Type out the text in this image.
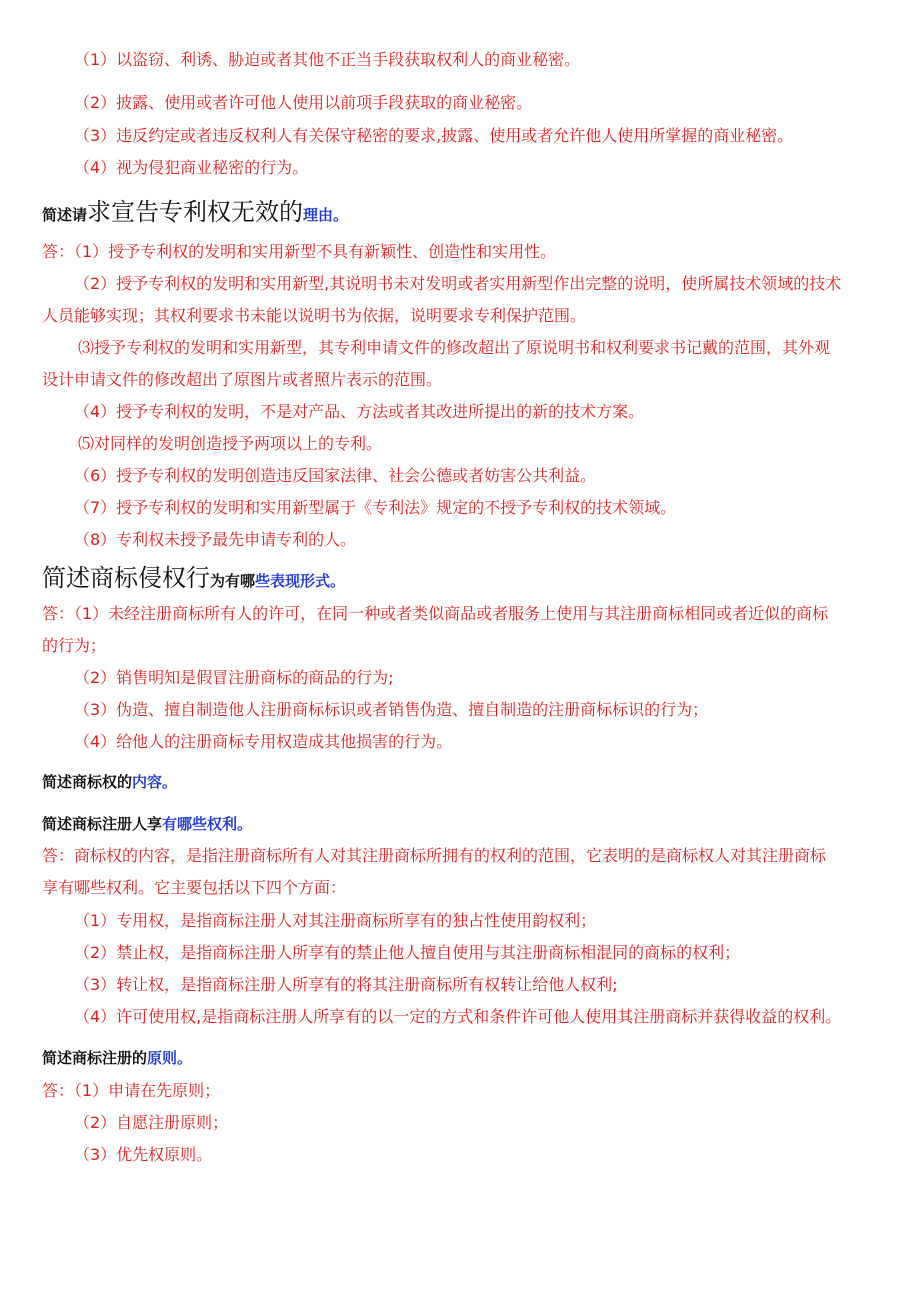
（1）以盗窃、利诱、胁迫或者其他不正当手段获取权利人的商业秘密。
（2）披露、使用或者许可他人使用以前项手段获取的商业秘密。
（3）违反约定或者违反权利人有关保守秘密的要求,披露、使用或者允许他人使用所掌握的商业秘密。
（4）视为侵犯商业秘密的行为。
简述请求宣告专利权无效的理由。
答：（1）授予专利权的发明和实用新型不具有新颖性、创造性和实用性。
（2）授予专利权的发明和实用新型,其说明书未对发明或者实用新型作出完整的说明，使所属技术领域的技术
人员能够实现；其权利要求书未能以说明书为依据，说明要求专利保护范围。
⑶授予专利权的发明和实用新型，其专利申请文件的修改超出了原说明书和权利要求书记戴的范围，其外观
设计申请文件的修改超出了原图片或者照片表示的范围。
（4）授予专利权的发明，不是对产品、方法或者其改进所提出的新的技术方案。
⑸对同样的发明创造授予两项以上的专利。
（6）授予专利权的发明创造违反国家法律、社会公德或者妨害公共利益。
（7）授予专利权的发明和实用新型属于《专利法》规定的不授予专利权的技术领域。
（8）专利权未授予最先申请专利的人。
简述商标侵权行为有哪些表现形式。
答：（1）未经注册商标所有人的许可，在同一种或者类似商品或者服务上使用与其注册商标相同或者近似的商标
的行为；
（2）销售明知是假冒注册商标的商品的行为;
（3）伪造、擅自制造他人注册商标标识或者销售伪造、擅自制造的注册商标标识的行为；
（4）给他人的注册商标专用权造成其他损害的行为。
简述商标权的内容。
简述商标注册人享有哪些权利。
答：商标权的内容，是指注册商标所有人对其注册商标所拥有的权利的范围，它表明的是商标权人对其注册商标
享有哪些权利。它主要包括以下四个方面：
（1）专用权，是指商标注册人对其注册商标所享有的独占性使用韵权利；
（2）禁止权，是指商标注册人所享有的禁止他人擅自使用与其注册商标相混同的商标的权利；
（3）转让权，是指商标注册人所享有的将其注册商标所有权转让给他人权利;
（4）许可使用权,是指商标注册人所享有的以一定的方式和条件许可他人使用其注册商标并获得收益的权利。
简述商标注册的原则。
答：（1）申请在先原则；
（2）自愿注册原则；
（3）优先权原则。
